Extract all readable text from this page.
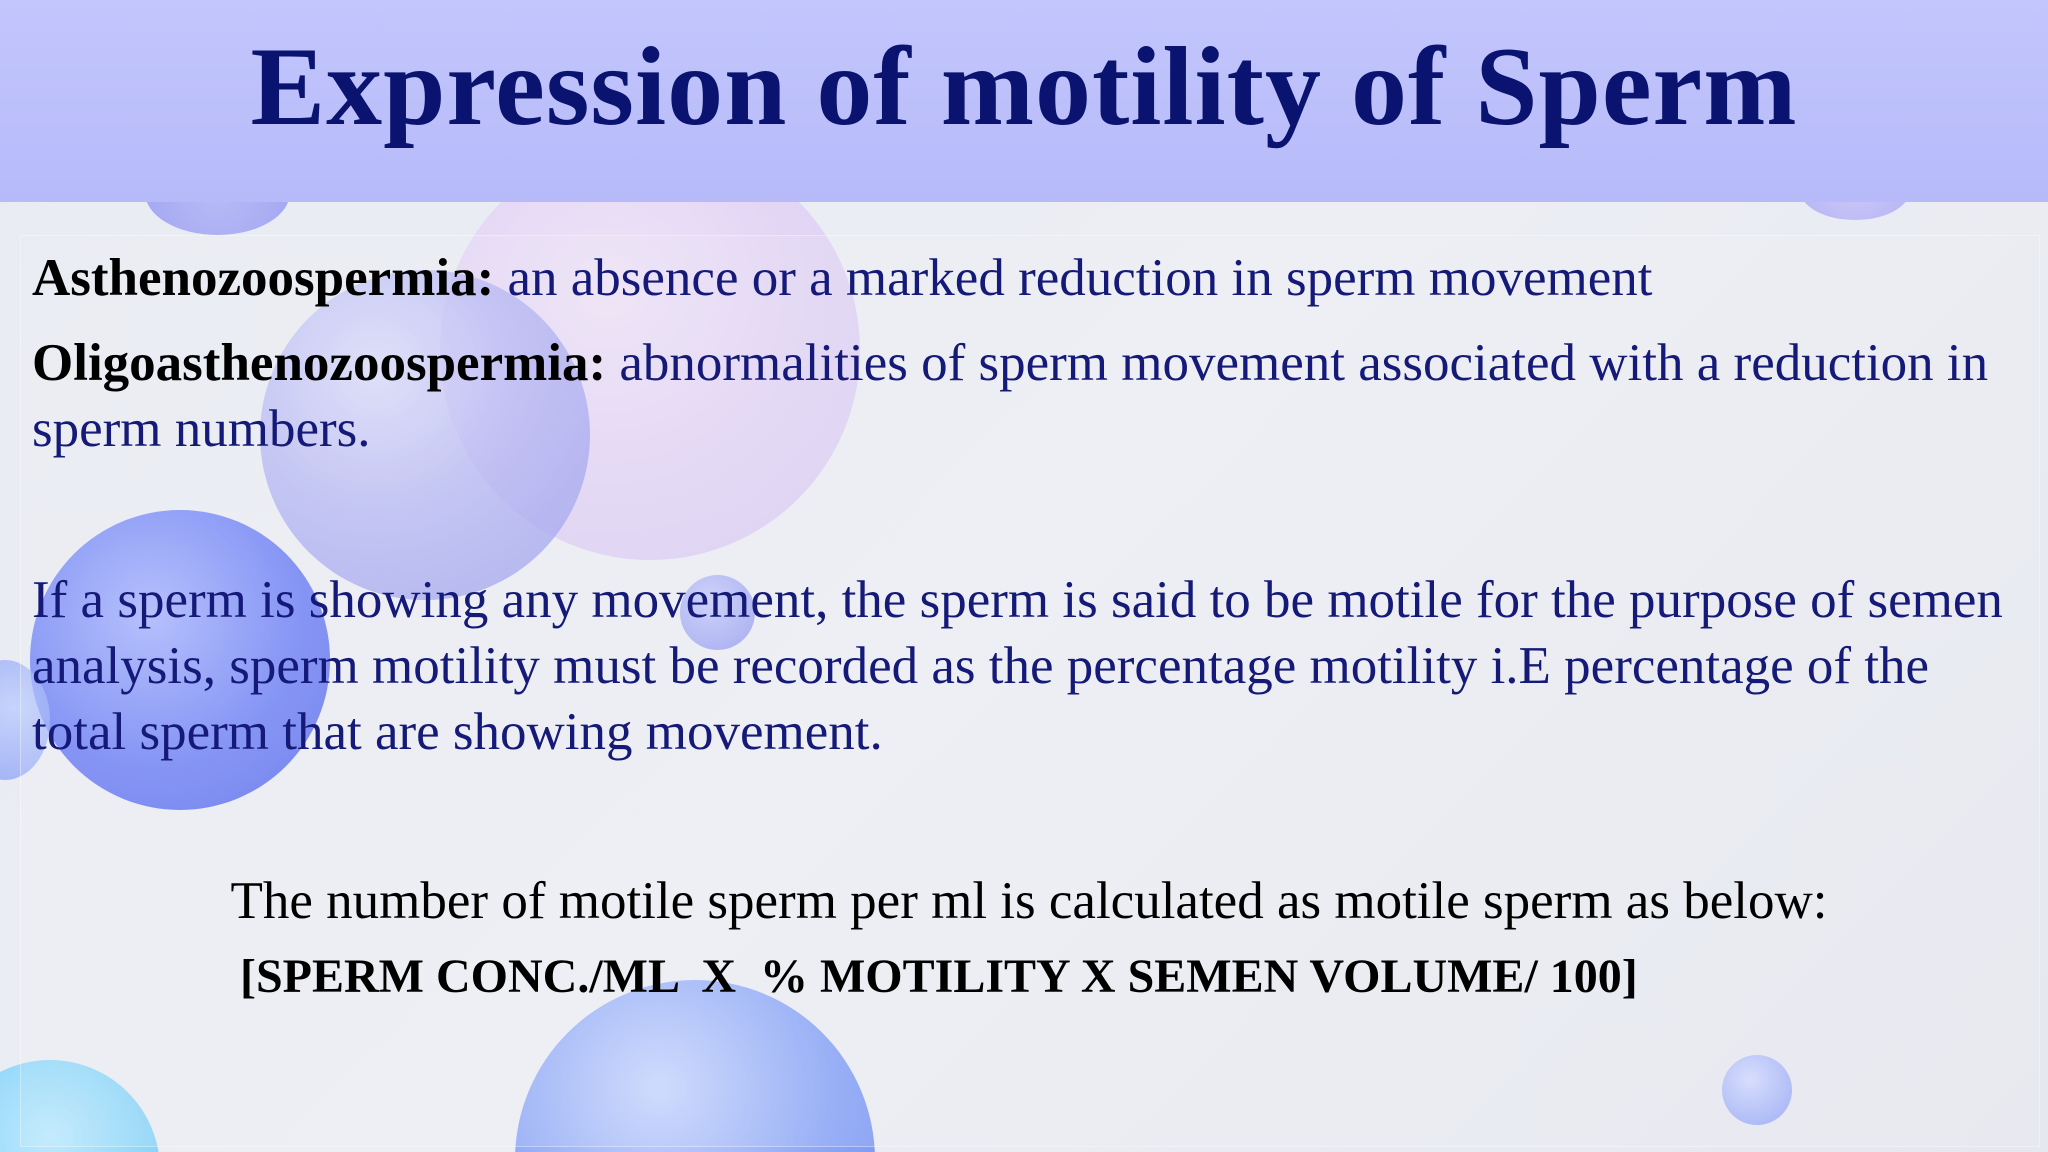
Expression of motility of Sperm
Asthenozoospermia: an absence or a marked reduction in sperm movement
Oligoasthenozoospermia: abnormalities of sperm movement associated with a reduction in sperm numbers.
If a sperm is showing any movement, the sperm is said to be motile for the purpose of semen analysis, sperm motility must be recorded as the percentage motility i.E percentage of the total sperm that are showing movement.
The number of motile sperm per ml is calculated as motile sperm as below:
[SPERM CONC./ML  X  % MOTILITY X SEMEN VOLUME/ 100]
